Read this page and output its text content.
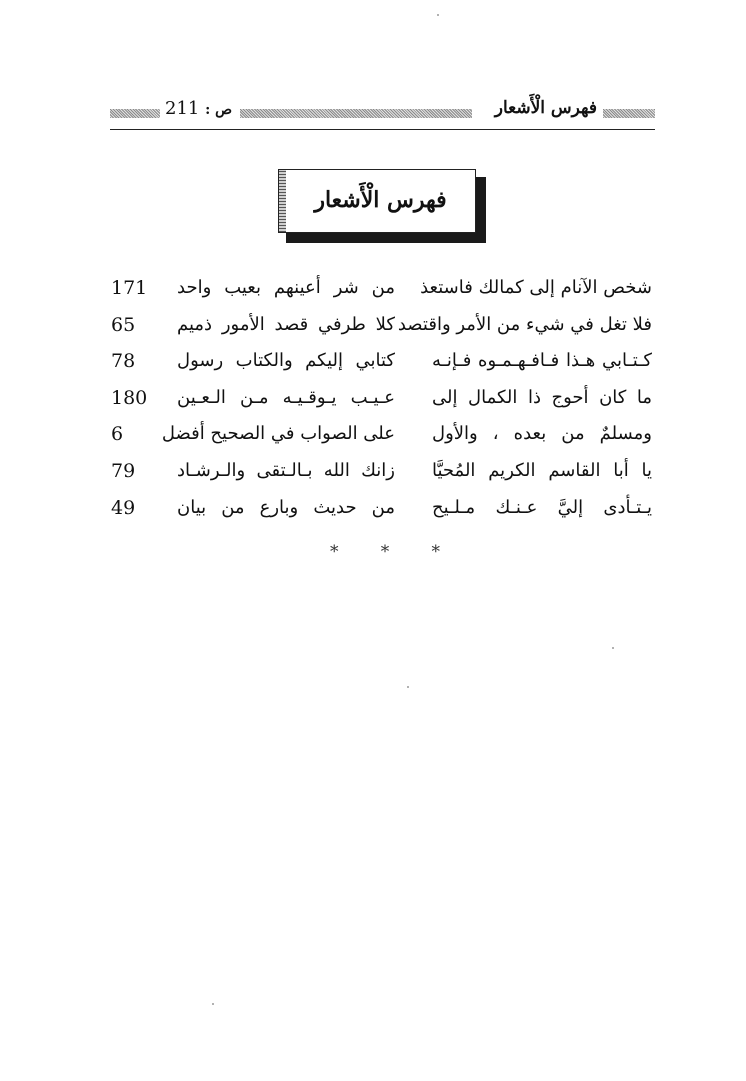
فهرس الْأَشعار
ص : 211
فهرس الْأَشعار
شخص الآنام إلى كمالك فاستعذ
من شر أعينهم بعيب واحد
171
فلا تغل في شيء من الأمر واقتصد
كلا طرفي قصد الأمور ذميم
65
كـتـابي هـذا فـافـهـمـوه فـإنـه
كتابي إليكم والكتاب رسول
78
ما كان أحوج ذا الكمال إلى
عـيـب يـوقـيـه مـن الـعـين
180
ومسلمٌ من بعده ، والأول
على الصواب في الصحيح أفضل
6
يا أبا القاسم الكريم المُحيَّا
زانك الله بـالـتقى والـرشـاد
79
يـتـأدى إليَّ عـنـك مـلـيح
من حديث وبارع من بيان
49
* * *
